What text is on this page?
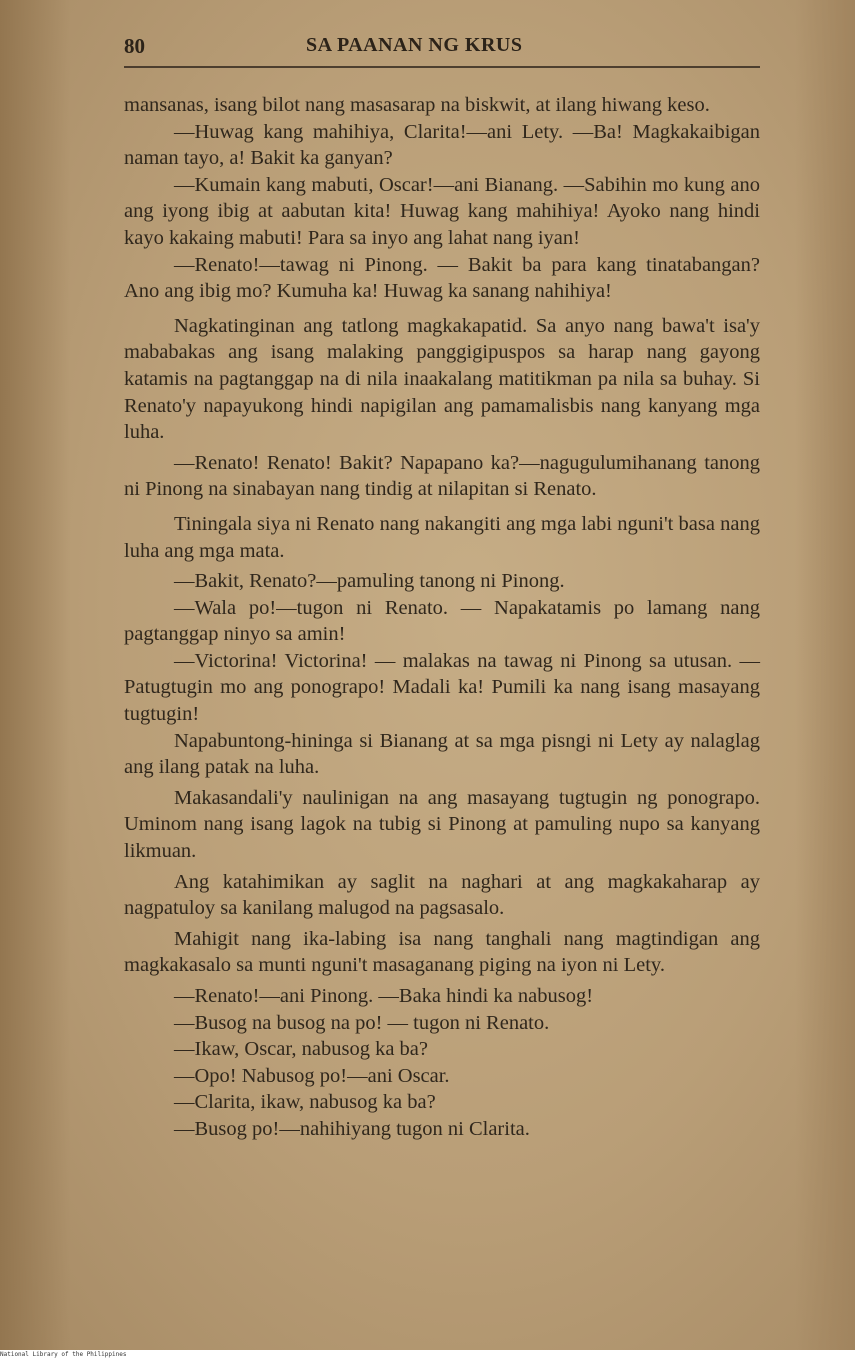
80	SA PAANAN NG KRUS

mansanas, isang bilot nang masasarap na biskwit, at ilang hiwang keso.

—Huwag kang mahihiya, Clarita!—ani Lety. —Ba! Magkakaibigan naman tayo, a! Bakit ka ganyan?

—Kumain kang mabuti, Oscar!—ani Bianang. —Sabihin mo kung ano ang iyong ibig at aabutan kita! Huwag kang mahihiya! Ayoko nang hindi kayo kakaing mabuti! Para sa inyo ang lahat nang iyan!

—Renato!—tawag ni Pinong. — Bakit ba para kang tinatabangan? Ano ang ibig mo? Kumuha ka! Huwag ka sanang nahihiya!

Nagkatinginan ang tatlong magkakapatid. Sa anyo nang bawa't isa'y mababakas ang isang malaking panggigipuspos sa harap nang gayong katamis na pagtanggap na di nila inaakalang matitikman pa nila sa buhay. Si Renato'y napayukong hindi napigilan ang pamamalisbis nang kanyang mga luha.

—Renato! Renato! Bakit? Napapano ka?—nagugulumihanang tanong ni Pinong na sinabayan nang tindig at nilapitan si Renato.

Tiningala siya ni Renato nang nakangiti ang mga labi nguni't basa nang luha ang mga mata.

—Bakit, Renato?—pamuling tanong ni Pinong.

—Wala po!—tugon ni Renato. — Napakatamis po lamang nang pagtanggap ninyo sa amin!

—Victorina! Victorina! — malakas na tawag ni Pinong sa utusan. — Patugtugin mo ang ponograpo! Madali ka! Pumili ka nang isang masayang tugtugin!

Napabuntong-hininga si Bianang at sa mga pisngi ni Lety ay nalaglag ang ilang patak na luha.

Makasandali'y naulinigan na ang masayang tugtugin ng ponograpo. Uminom nang isang lagok na tubig si Pinong at pamuling nupo sa kanyang likmuan.

Ang katahimikan ay saglit na naghari at ang magkakaharap ay nagpatuloy sa kanilang malugod na pagsasalo.

Mahigit nang ika-labing isa nang tanghali nang magtindigan ang magkakasalo sa munti nguni't masaganang piging na iyon ni Lety.

—Renato!—ani Pinong. —Baka hindi ka nabusog!

—Busog na busog na po! — tugon ni Renato.

—Ikaw, Oscar, nabusog ka ba?

—Opo! Nabusog po!—ani Oscar.

—Clarita, ikaw, nabusog ka ba?

—Busog po!—nahihiyang tugon ni Clarita.

National Library of the Philippines
